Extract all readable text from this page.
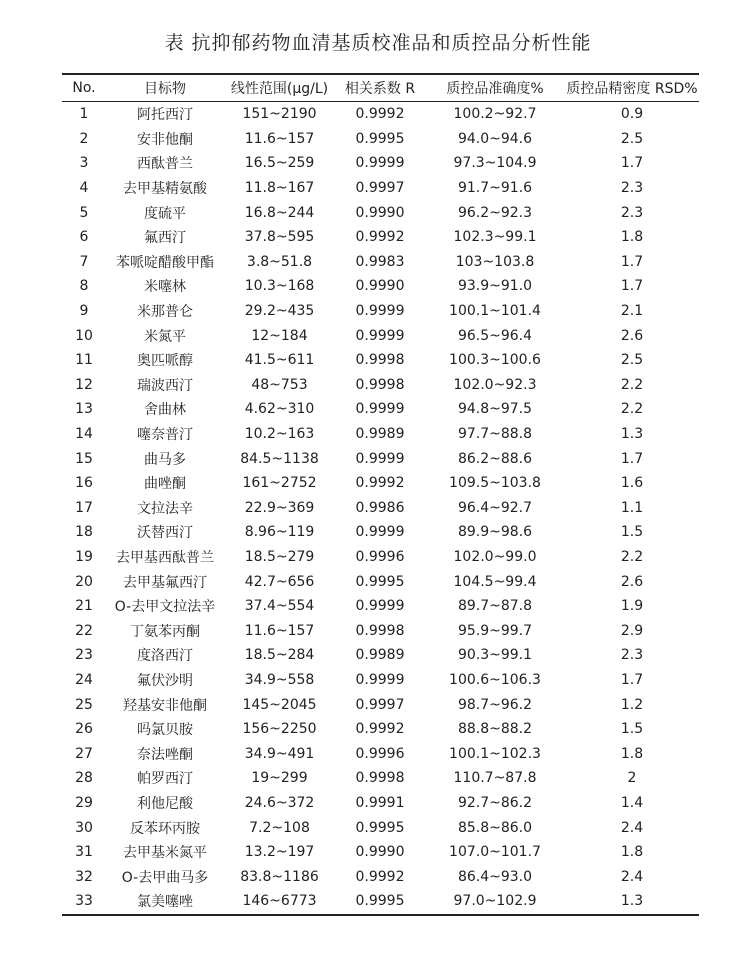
表 抗抑郁药物血清基质校准品和质控品分析性能
No.	目标物	线性范围(μg/L)	相关系数 R	质控品准确度%	质控品精密度 RSD%
1	阿托西汀	151~2190	0.9992	100.2~92.7	0.9
2	安非他酮	11.6~157	0.9995	94.0~94.6	2.5
3	西酞普兰	16.5~259	0.9999	97.3~104.9	1.7
4	去甲基精氨酸	11.8~167	0.9997	91.7~91.6	2.3
5	度硫平	16.8~244	0.9990	96.2~92.3	2.3
6	氟西汀	37.8~595	0.9992	102.3~99.1	1.8
7	苯哌啶醋酸甲酯	3.8~51.8	0.9983	103~103.8	1.7
8	米噻林	10.3~168	0.9990	93.9~91.0	1.7
9	米那普仑	29.2~435	0.9999	100.1~101.4	2.1
10	米氮平	12~184	0.9999	96.5~96.4	2.6
11	奥匹哌醇	41.5~611	0.9998	100.3~100.6	2.5
12	瑞波西汀	48~753	0.9998	102.0~92.3	2.2
13	舍曲林	4.62~310	0.9999	94.8~97.5	2.2
14	噻奈普汀	10.2~163	0.9989	97.7~88.8	1.3
15	曲马多	84.5~1138	0.9999	86.2~88.6	1.7
16	曲唑酮	161~2752	0.9992	109.5~103.8	1.6
17	文拉法辛	22.9~369	0.9986	96.4~92.7	1.1
18	沃替西汀	8.96~119	0.9999	89.9~98.6	1.5
19	去甲基西酞普兰	18.5~279	0.9996	102.0~99.0	2.2
20	去甲基氟西汀	42.7~656	0.9995	104.5~99.4	2.6
21	O-去甲文拉法辛	37.4~554	0.9999	89.7~87.8	1.9
22	丁氨苯丙酮	11.6~157	0.9998	95.9~99.7	2.9
23	度洛西汀	18.5~284	0.9989	90.3~99.1	2.3
24	氟伏沙明	34.9~558	0.9999	100.6~106.3	1.7
25	羟基安非他酮	145~2045	0.9997	98.7~96.2	1.2
26	吗氯贝胺	156~2250	0.9992	88.8~88.2	1.5
27	奈法唑酮	34.9~491	0.9996	100.1~102.3	1.8
28	帕罗西汀	19~299	0.9998	110.7~87.8	2
29	利他尼酸	24.6~372	0.9991	92.7~86.2	1.4
30	反苯环丙胺	7.2~108	0.9995	85.8~86.0	2.4
31	去甲基米氮平	13.2~197	0.9990	107.0~101.7	1.8
32	O-去甲曲马多	83.8~1186	0.9992	86.4~93.0	2.4
33	氯美噻唑	146~6773	0.9995	97.0~102.9	1.3
